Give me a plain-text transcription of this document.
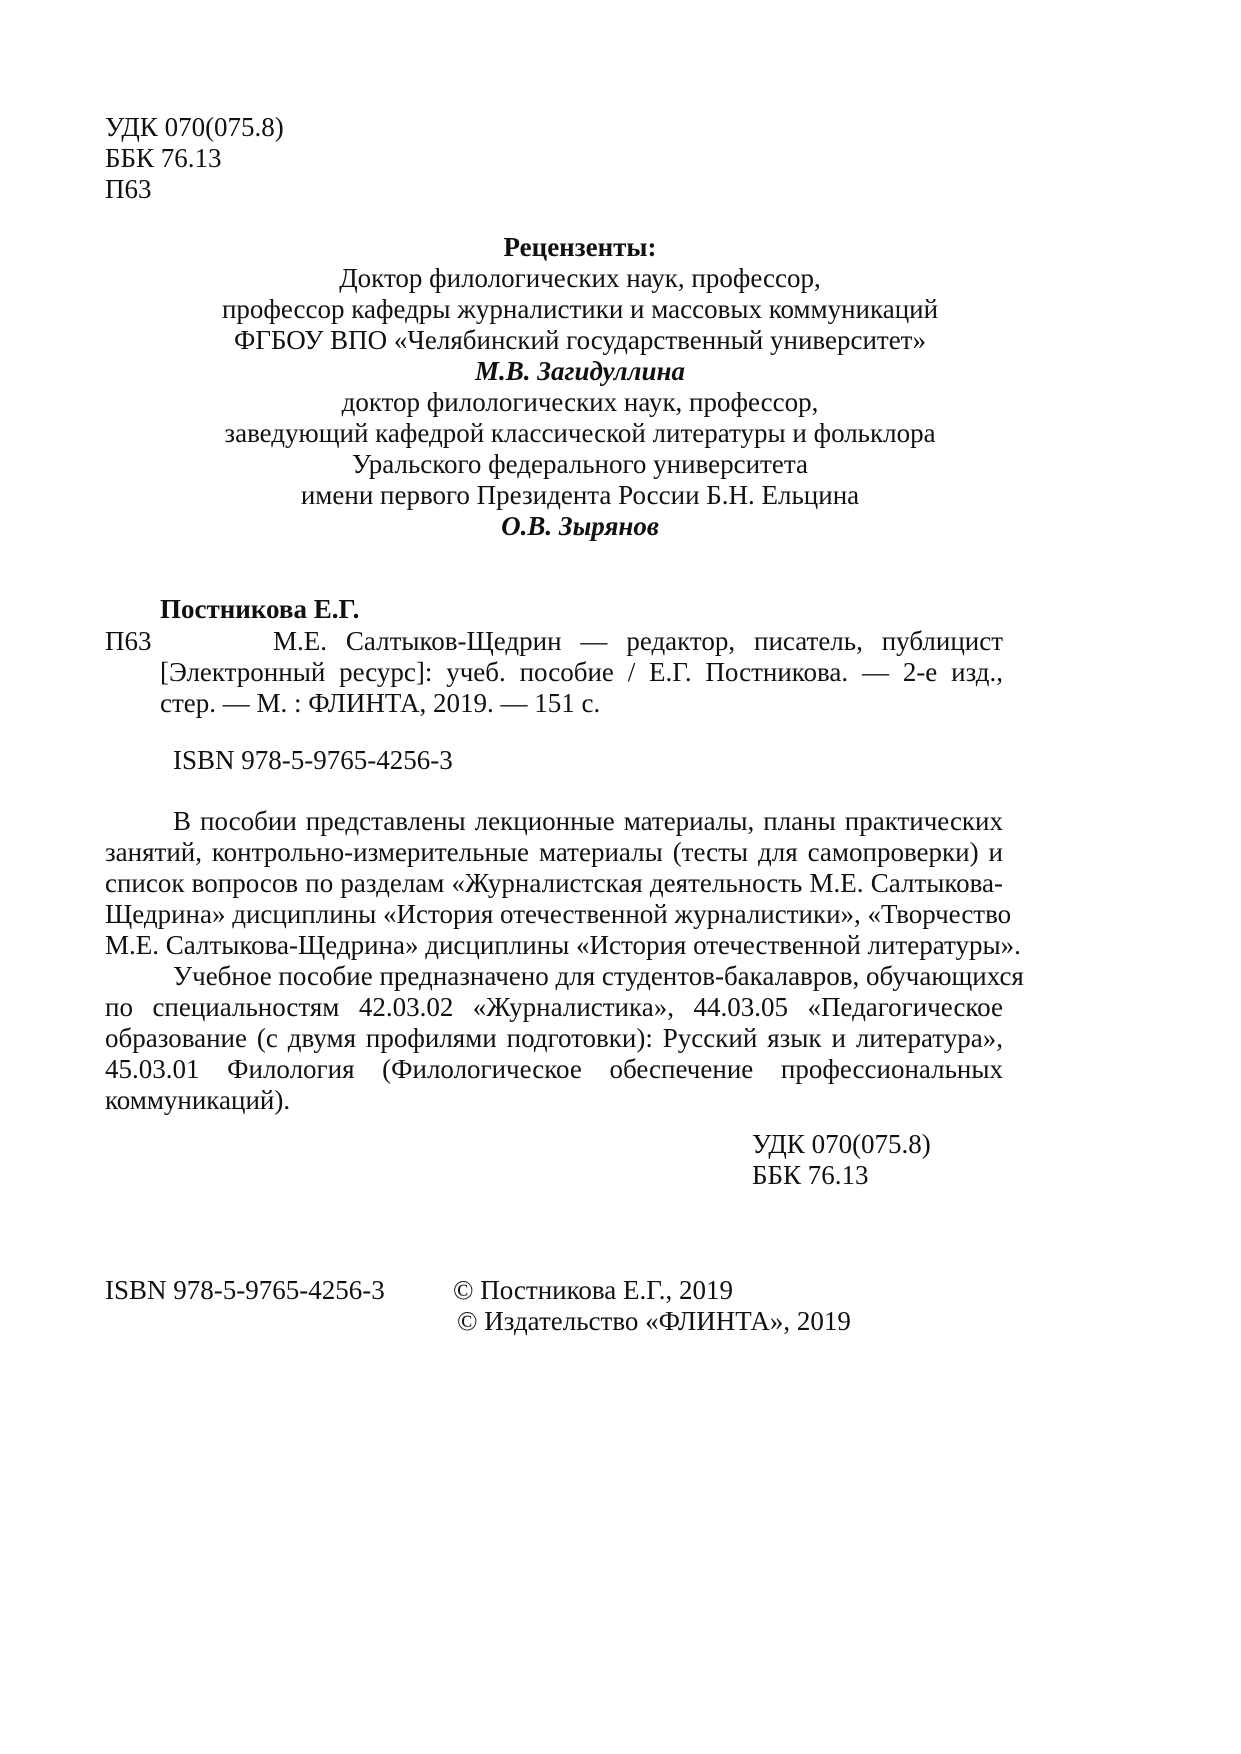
УДК 070(075.8)
ББК 76.13
П63
Рецензенты:
Доктор филологических наук, профессор,
профессор кафедры журналистики и массовых коммуникаций
ФГБОУ ВПО «Челябинский государственный университет»
М.В. Загидуллина
доктор филологических наук, профессор,
заведующий кафедрой классической литературы и фольклора
Уральского федерального университета
имени первого Президента России Б.Н. Ельцина
О.В. Зырянов
Постникова Е.Г.
П63	М.Е. Салтыков-Щедрин — редактор, писатель, публицист
[Электронный ресурс]: учеб. пособие / Е.Г. Постникова. — 2-е изд.,
стер. — М. : ФЛИНТА, 2019. — 151 с.
ISBN 978-5-9765-4256-3
В пособии представлены лекционные материалы, планы практических
занятий, контрольно-измерительные материалы (тесты для самопроверки) и
список вопросов по разделам «Журналистская деятельность М.Е. Салтыкова-
Щедрина» дисциплины «История отечественной журналистики», «Творчество
М.Е. Салтыкова-Щедрина» дисциплины «История отечественной литературы».
Учебное пособие предназначено для студентов-бакалавров, обучающихся
по специальностям 42.03.02 «Журналистика», 44.03.05 «Педагогическое
образование (с двумя профилями подготовки): Русский язык и литература»,
45.03.01 Филология (Филологическое обеспечение профессиональных
коммуникаций).
УДК 070(075.8)
ББК 76.13
ISBN 978-5-9765-4256-3	© Постникова Е.Г., 2019
© Издательство «ФЛИНТА», 2019
